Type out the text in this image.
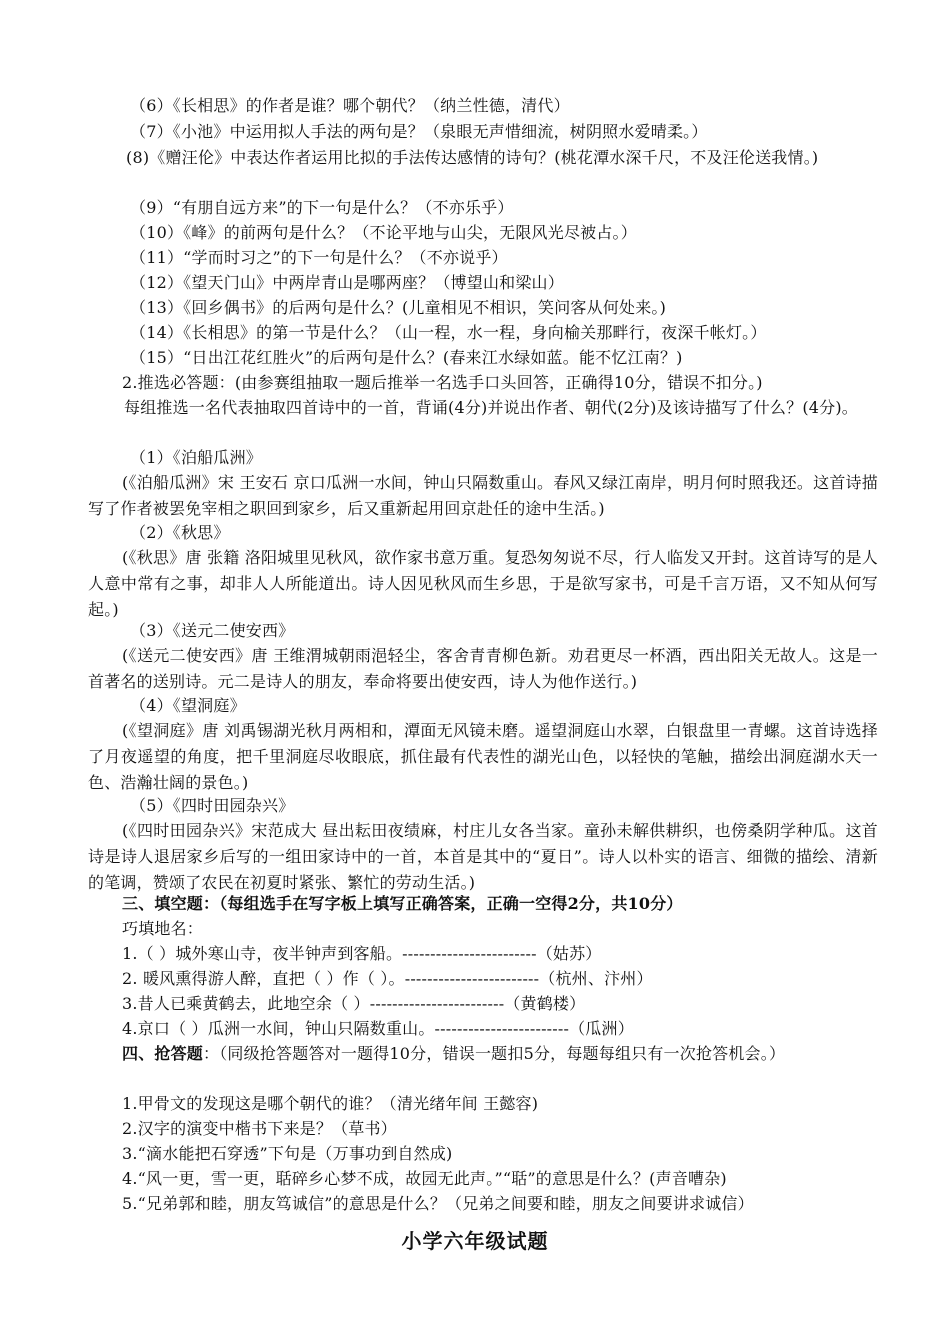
（6）《长相思》的作者是谁？哪个朝代？（纳兰性德，清代）
（7）《小池》中运用拟人手法的两句是？（泉眼无声惜细流，树阴照水爱晴柔。）
(8)《赠汪伦》中表达作者运用比拟的手法传达感情的诗句？(桃花潭水深千尺，不及汪伦送我情。)
（9）“有朋自远方来”的下一句是什么？（不亦乐乎）
（10）《峰》的前两句是什么？（不论平地与山尖，无限风光尽被占。）
（11）“学而时习之”的下一句是什么？（不亦说乎）
（12）《望天门山》中两岸青山是哪两座？（博望山和梁山）
（13）《回乡偶书》的后两句是什么？(儿童相见不相识，笑问客从何处来。)
（14）《长相思》的第一节是什么？（山一程，水一程，身向榆关那畔行，夜深千帐灯。）
（15）“日出江花红胜火”的后两句是什么？(春来江水绿如蓝。能不忆江南？)
2.推选必答题：(由参赛组抽取一题后推举一名选手口头回答，正确得10分，错误不扣分。)
每组推选一名代表抽取四首诗中的一首，背诵(4分)并说出作者、朝代(2分)及该诗描写了什么？(4分)。
（1）《泊船瓜洲》
(《泊船瓜洲》宋 王安石 京口瓜洲一水间，钟山只隔数重山。春风又绿江南岸，明月何时照我还。这首诗描写了作者被罢免宰相之职回到家乡，后又重新起用回京赴任的途中生活。)
（2）《秋思》
(《秋思》唐 张籍 洛阳城里见秋风，欲作家书意万重。复恐匆匆说不尽，行人临发又开封。这首诗写的是人人意中常有之事，却非人人所能道出。诗人因见秋风而生乡思，于是欲写家书，可是千言万语，又不知从何写起。)
（3）《送元二使安西》
(《送元二使安西》唐 王维渭城朝雨浥轻尘，客舍青青柳色新。劝君更尽一杯酒，西出阳关无故人。这是一首著名的送别诗。元二是诗人的朋友，奉命将要出使安西，诗人为他作送行。)
（4）《望洞庭》
(《望洞庭》唐 刘禹锡湖光秋月两相和，潭面无风镜未磨。遥望洞庭山水翠，白银盘里一青螺。这首诗选择了月夜遥望的角度，把千里洞庭尽收眼底，抓住最有代表性的湖光山色，以轻快的笔触，描绘出洞庭湖水天一色、浩瀚壮阔的景色。)
（5）《四时田园杂兴》
(《四时田园杂兴》宋范成大 昼出耘田夜绩麻，村庄儿女各当家。童孙未解供耕织，也傍桑阴学种瓜。这首诗是诗人退居家乡后写的一组田家诗中的一首，本首是其中的“夏日”。诗人以朴实的语言、细微的描绘、清新的笔调，赞颂了农民在初夏时紧张、繁忙的劳动生活。)
三、填空题：（每组选手在写字板上填写正确答案，正确一空得2分，共10分）
巧填地名：
1.（ ）城外寒山寺，夜半钟声到客船。------------------------（姑苏）
2. 暖风熏得游人醉，直把（ ）作（ ）。------------------------（杭州、汴州）
3.昔人已乘黄鹤去，此地空余（ ）------------------------（黄鹤楼）
4.京口（ ）瓜洲一水间，钟山只隔数重山。------------------------（瓜洲）
四、抢答题：（同级抢答题答对一题得10分，错误一题扣5分，每题每组只有一次抢答机会。）
1.甲骨文的发现这是哪个朝代的谁？（清光绪年间 王懿容)
2.汉字的演变中楷书下来是？（草书）
3.“滴水能把石穿透”下句是（万事功到自然成)
4.“风一更，雪一更，聒碎乡心梦不成，故园无此声。”“聒”的意思是什么？(声音嘈杂)
5.“兄弟郭和睦，朋友笃诚信”的意思是什么？（兄弟之间要和睦，朋友之间要讲求诚信）
小学六年级试题
